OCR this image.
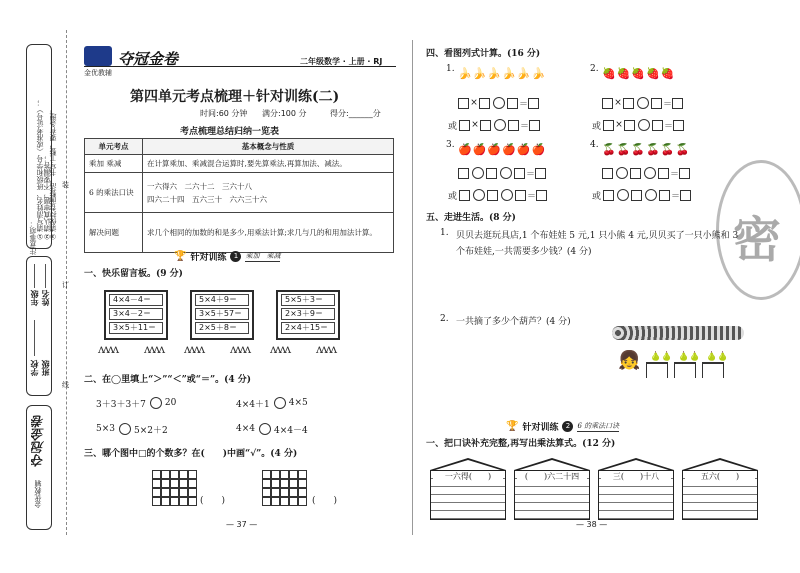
注意事项： ①请写清姓名、班级和学号（或准考证号）； ②请认真审题，不要漏答；
③请保持卷面整洁，书写工整，要有条理。
学校 班级
年级 姓名
夺冠金卷
金优教辅
装
订
线
金优教辅
夺冠金卷	二年级数学 · 上册 · RJ
第四单元考点梳理＋针对训练(二)
时间:60 分钟 满分:100 分	得分:______分
考点梳理总结归纳一览表
单元考点	基本概念与性质
乘加 乘减	在计算乘加、乘减混合运算时,要先算乘法,再算加法、减法。
6 的乘法口诀	一六得六　二六十二　三六十八
四六二十四　五六三十　六六三十六
解决问题	求几个相同的加数的和是多少,用乘法计算;求几与几的和用加法计算。
🏆 针对训练	1	乘加　乘减
一、快乐留言板。(9 分)
4×4－4＝
3×4－2＝
3×5＋11＝
5×4＋9＝
3×5＋57＝
2×5＋8＝
5×5＋3＝
2×3＋9＝
2×4＋15＝
ʌʌʌʌ ʌʌʌʌ ʌʌʌʌ ʌʌʌʌ ʌʌʌʌ ʌʌʌʌ
二、在◯里填上“＞”“＜”或“＝”。(4 分)
3＋3＋3＋7 20	4×4＋1 4×5
5×3 5×2＋2	4×4 4×4－4
三、哪个图中□的个数多？在(　　)中画“√”。(4 分)
(　　)	(　　)
— 37 —
四、看图列式计算。(16 分)
1. 🍌🍌🍌🍌🍌🍌
×	＝
或 ×	＝
2. 🍓🍓🍓🍓🍓
×	＝
或 ×	＝
3. 🍎🍎🍎🍎🍎🍎
＝
或	＝
4. 🍒🍒🍒🍒🍒🍒
＝
或	＝
密
五、走进生活。(8 分)
1. 贝贝去逛玩具店,1 个布娃娃 5 元,1 只小熊 4 元,贝贝买了一只小熊和 3
个布娃娃,一共需要多少钱？(4 分)
2. 一共摘了多少个葫芦？(4 分)
👧 🍐🍐 🍐🍐 🍐🍐
🏆 针对训练	2	6 的乘法口诀
一、把口诀补充完整,再写出乘法算式。(12 分)
一六得(　　)	(　　)六二十四	三(　　)十八	五六(　　)
— 38 —
